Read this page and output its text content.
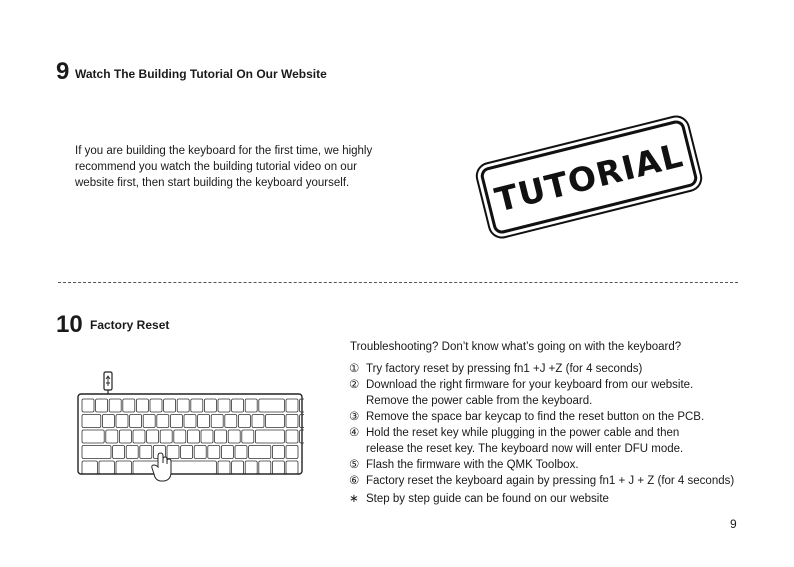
9 Watch The Building Tutorial On Our Website
If you are building the keyboard for the first time, we highly
recommend you watch the building tutorial video on our
website first, then start building the keyboard yourself.	TUTORIAL
10 Factory Reset
Troubleshooting? Don’t know what’s going on with the keyboard?
① Try factory reset by pressing fn1 +J +Z (for 4 seconds)
② Download the right firmware for your keyboard from our website.
Remove the power cable from the keyboard.
③ Remove the space bar keycap to find the reset button on the PCB.
④ Hold the reset key while plugging in the power cable and then
release the reset key. The keyboard now will enter DFU mode.
⑤ Flash the firmware with the QMK Toolbox.
⑥ Factory reset the keyboard again by pressing fn1 + J + Z (for 4 seconds)
∗ Step by step guide can be found on our website
9
